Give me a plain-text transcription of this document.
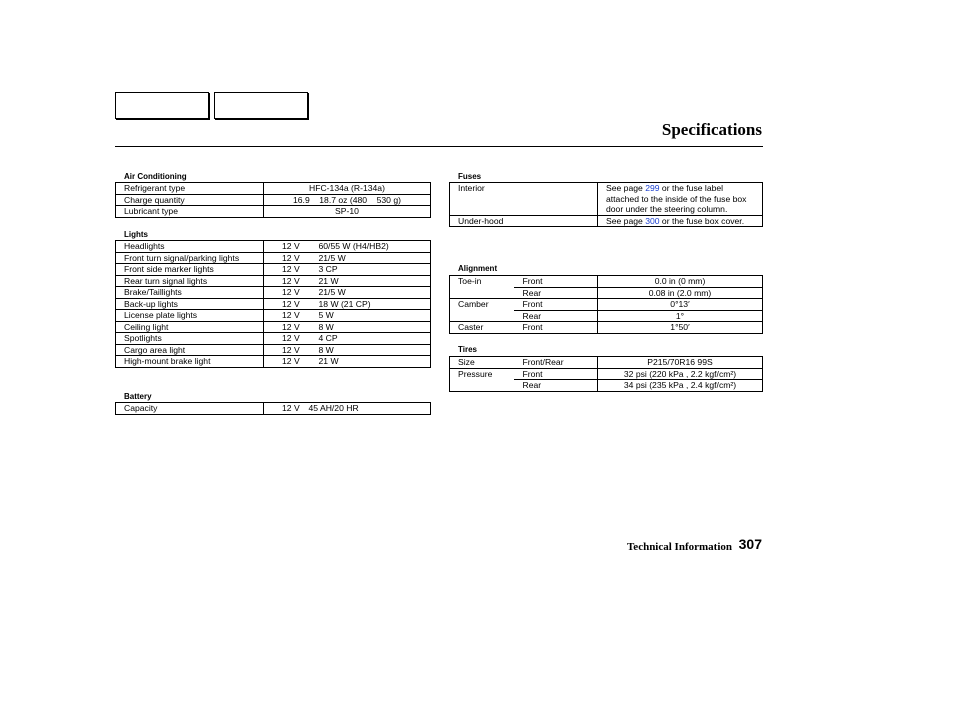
Specifications
Air Conditioning
Refrigerant type	HFC-134a (R-134a)
Charge quantity	16.9    18.7 oz (480    530 g)
Lubricant type	SP-10
Lights
Headlights	12 V	60/55 W (H4/HB2)
Front turn signal/parking lights	12 V	21/5 W
Front side marker lights	12 V	3 CP
Rear turn signal lights	12 V	21 W
Brake/Taillights	12 V	21/5 W
Back-up lights	12 V	18 W (21 CP)
License plate lights	12 V	5 W
Ceiling light	12 V	8 W
Spotlights	12 V	4 CP
Cargo area light	12 V	8 W
High-mount brake light	12 V	21 W
Battery
Capacity	12 V	45 AH/20 HR
Fuses
Interior	See page 299 or the fuse label attached to the inside of the fuse box door under the steering column.
Under-hood	See page 300 or the fuse box cover.
Alignment
Toe-in	Front	0.0 in (0 mm)
	Rear	0.08 in (2.0 mm)
Camber	Front	0°13′
	Rear	1°
Caster	Front	1°50′
Tires
Size	Front/Rear	P215/70R16 99S
Pressure	Front	32 psi (220 kPa , 2.2 kgf/cm²)
	Rear	34 psi (235 kPa , 2.4 kgf/cm²)
Technical Information 307
